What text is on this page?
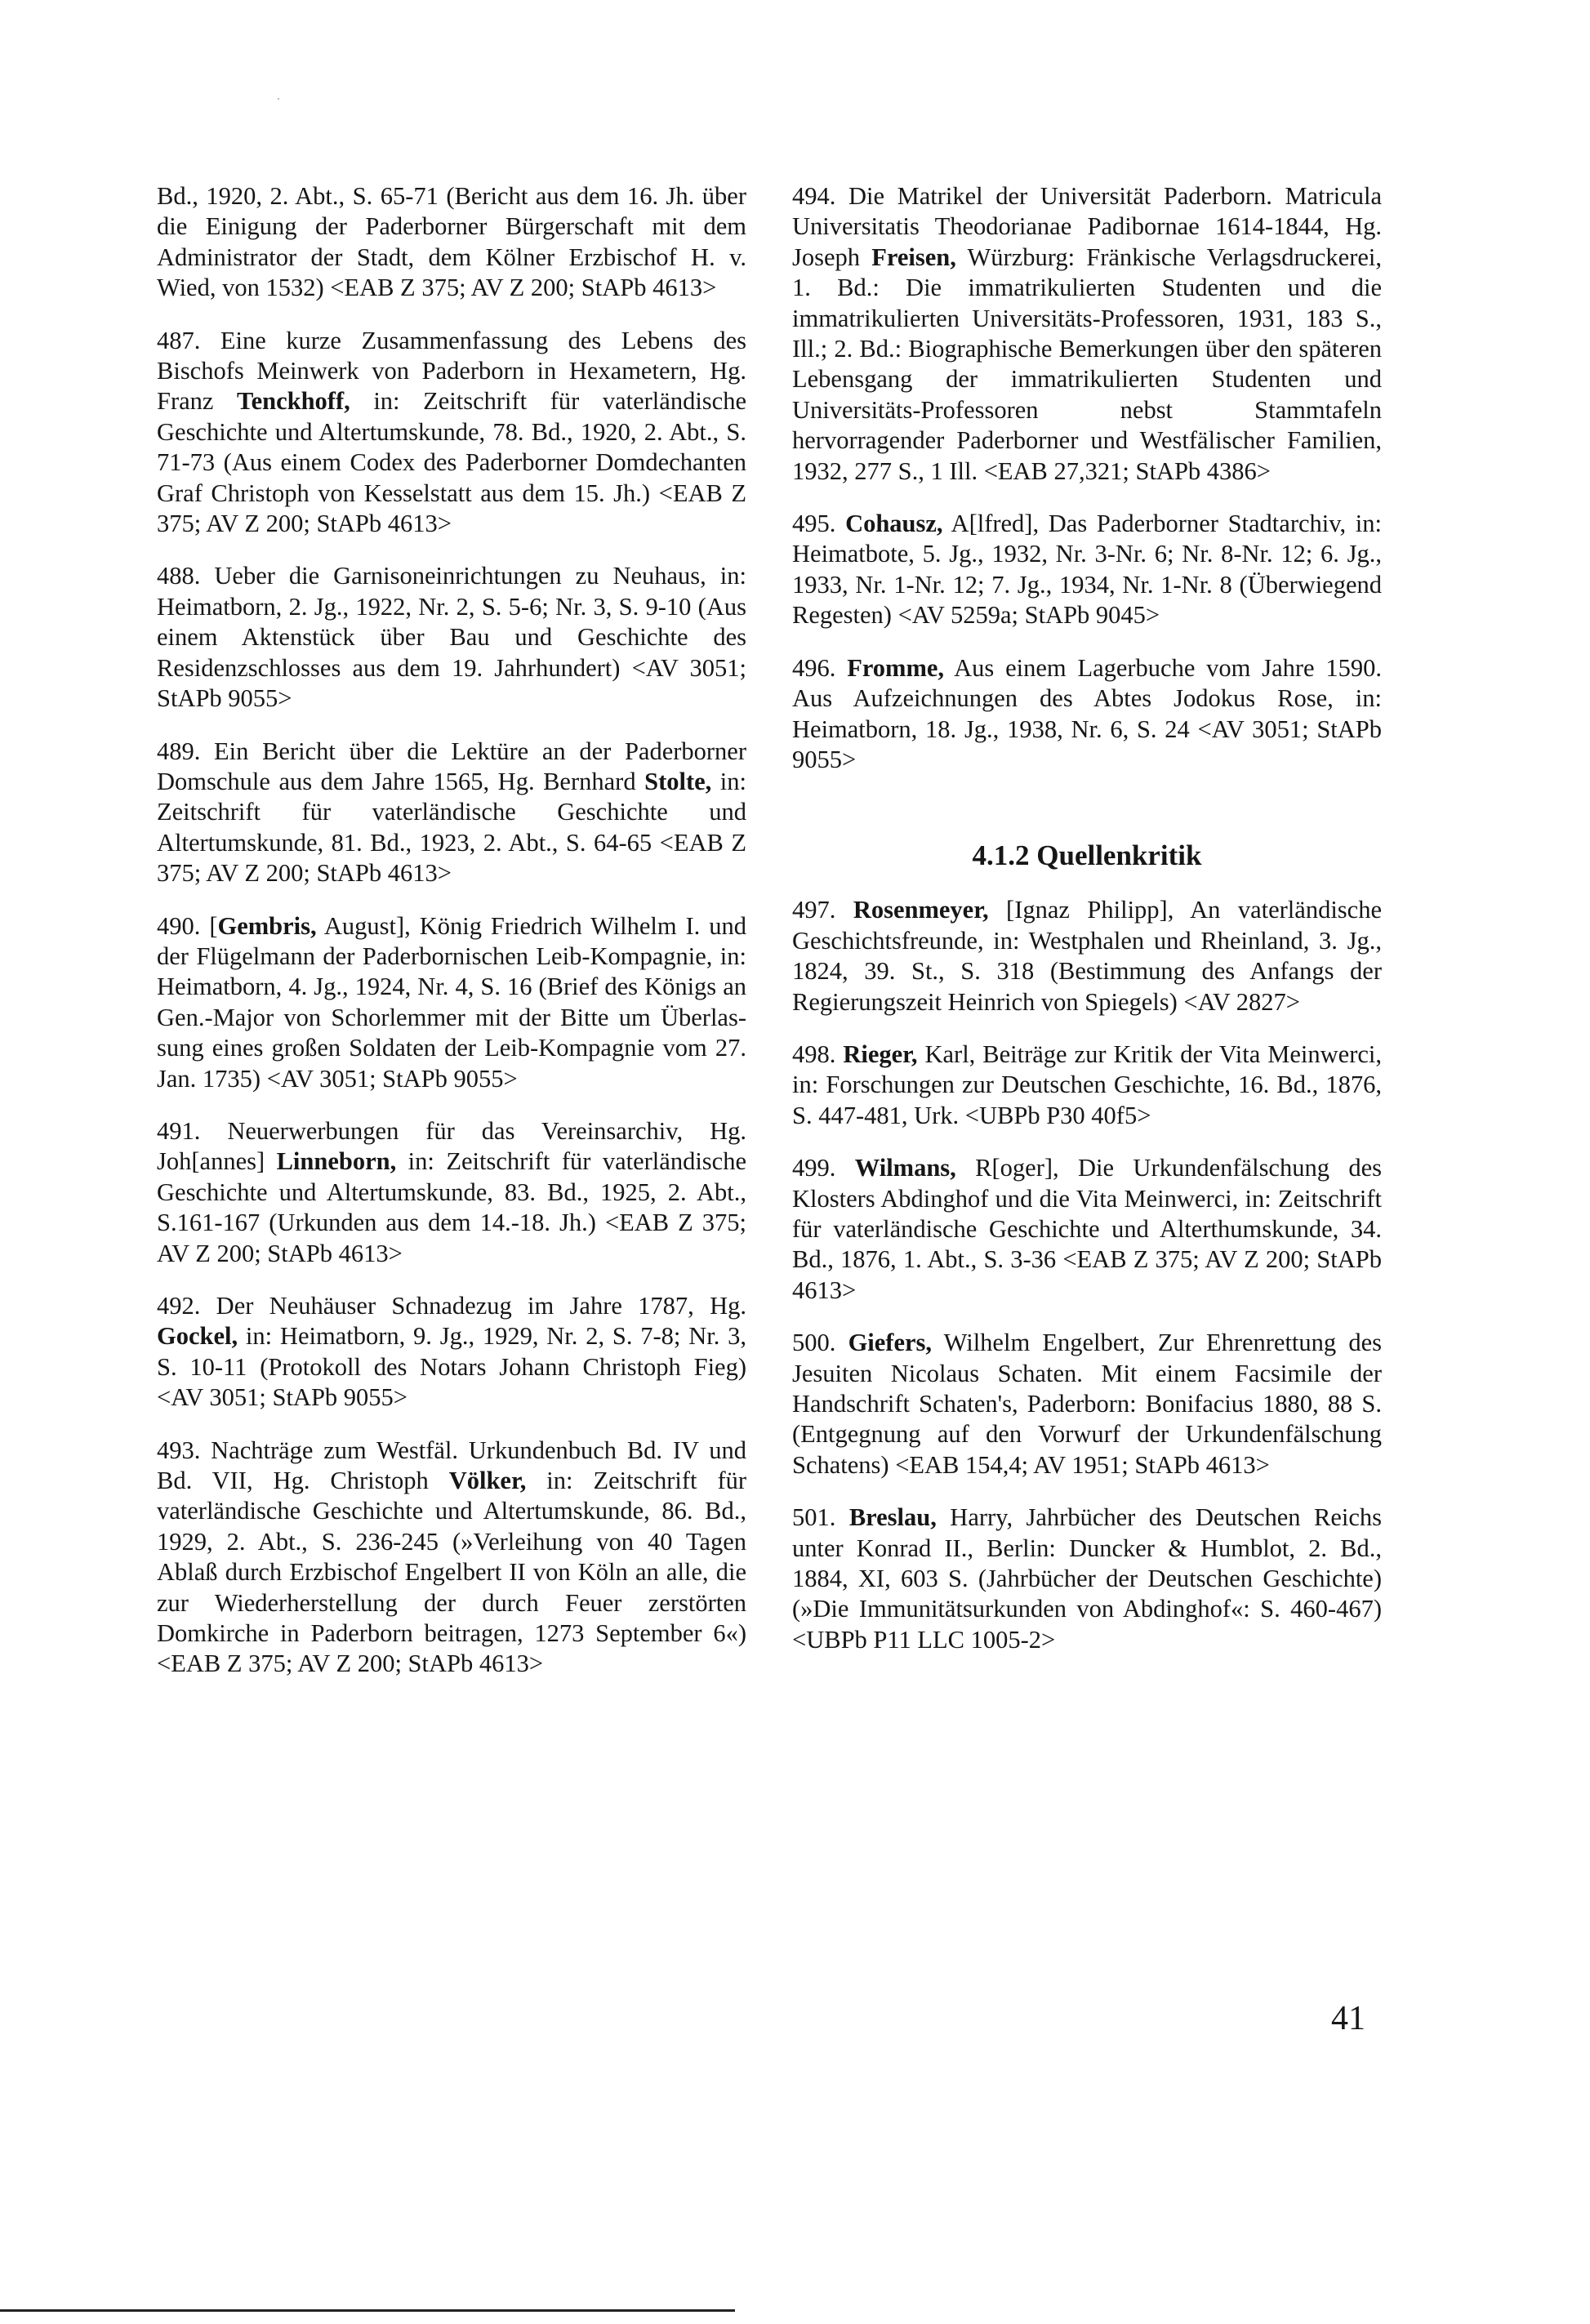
Bd., 1920, 2. Abt., S. 65-71 (Bericht aus dem 16. Jh. über die Einigung der Paderborner Bürgerschaft mit dem Administrator der Stadt, dem Kölner Erzbischof H. v. Wied, von 1532) <EAB Z 375; AV Z 200; StAPb 4613>

487. Eine kurze Zusammenfassung des Lebens des Bischofs Meinwerk von Paderborn in Hexametern, Hg. Franz Tenckhoff, in: Zeitschrift für vaterländische Geschichte und Altertumskunde, 78. Bd., 1920, 2. Abt., S. 71-73 (Aus einem Codex des Paderborner Domdechanten Graf Christoph von Kesselstatt aus dem 15. Jh.) <EAB Z 375; AV Z 200; StAPb 4613>

488. Ueber die Garnisoneinrichtungen zu Neuhaus, in: Heimatborn, 2. Jg., 1922, Nr. 2, S. 5-6; Nr. 3, S. 9-10 (Aus einem Aktenstück über Bau und Geschichte des Residenzschlosses aus dem 19. Jahrhundert) <AV 3051; StAPb 9055>

489. Ein Bericht über die Lektüre an der Paderborner Domschule aus dem Jahre 1565, Hg. Bernhard Stolte, in: Zeitschrift für vaterländische Geschichte und Altertumskunde, 81. Bd., 1923, 2. Abt., S. 64-65 <EAB Z 375; AV Z 200; StAPb 4613>

490. [Gembris, August], König Friedrich Wilhelm I. und der Flügelmann der Paderbornischen Leib-Kompagnie, in: Heimatborn, 4. Jg., 1924, Nr. 4, S. 16 (Brief des Königs an Gen.-Major von Schorlemmer mit der Bitte um Überlassung eines großen Soldaten der Leib-Kompagnie vom 27. Jan. 1735) <AV 3051; StAPb 9055>

491. Neuerwerbungen für das Vereinsarchiv, Hg. Joh[annes] Linneborn, in: Zeitschrift für vaterländische Geschichte und Altertumskunde, 83. Bd., 1925, 2. Abt., S.161-167 (Urkunden aus dem 14.-18. Jh.) <EAB Z 375; AV Z 200; StAPb 4613>

492. Der Neuhäuser Schnadezug im Jahre 1787, Hg. Gockel, in: Heimatborn, 9. Jg., 1929, Nr. 2, S. 7-8; Nr. 3, S. 10-11 (Protokoll des Notars Johann Christoph Fieg) <AV 3051; StAPb 9055>

493. Nachträge zum Westfäl. Urkundenbuch Bd. IV und Bd. VII, Hg. Christoph Völker, in: Zeitschrift für vaterländische Geschichte und Altertumskunde, 86. Bd., 1929, 2. Abt., S. 236-245 (»Verleihung von 40 Tagen Ablaß durch Erzbischof Engelbert II von Köln an alle, die zur Wiederherstellung der durch Feuer zerstörten Domkirche in Paderborn beitragen, 1273 September 6«) <EAB Z 375; AV Z 200; StAPb 4613>

494. Die Matrikel der Universität Paderborn. Matricula Universitatis Theodorianae Padibornae 1614-1844, Hg. Joseph Freisen, Würzburg: Fränkische Verlagsdruckerei, 1. Bd.: Die immatrikulierten Studenten und die immatrikulierten Universitäts-Professoren, 1931, 183 S., Ill.; 2. Bd.: Biographische Bemerkungen über den späteren Lebensgang der immatrikulierten Studenten und Universitäts-Professoren nebst Stammtafeln hervorragender Paderborner und Westfälischer Familien, 1932, 277 S., 1 Ill. <EAB 27,321; StAPb 4386>

495. Cohausz, A[lfred], Das Paderborner Stadtarchiv, in: Heimatbote, 5. Jg., 1932, Nr. 3-Nr. 6; Nr. 8-Nr. 12; 6. Jg., 1933, Nr. 1-Nr. 12; 7. Jg., 1934, Nr. 1-Nr. 8 (Überwiegend Regesten) <AV 5259a; StAPb 9045>

496. Fromme, Aus einem Lagerbuche vom Jahre 1590. Aus Aufzeichnungen des Abtes Jodokus Rose, in: Heimatborn, 18. Jg., 1938, Nr. 6, S. 24 <AV 3051; StAPb 9055>

4.1.2 Quellenkritik

497. Rosenmeyer, [Ignaz Philipp], An vaterländische Geschichtsfreunde, in: Westphalen und Rheinland, 3. Jg., 1824, 39. St., S. 318 (Bestimmung des Anfangs der Regierungszeit Heinrich von Spiegels) <AV 2827>

498. Rieger, Karl, Beiträge zur Kritik der Vita Meinwerci, in: Forschungen zur Deutschen Geschichte, 16. Bd., 1876, S. 447-481, Urk. <UBPb P30 40f5>

499. Wilmans, R[oger], Die Urkundenfälschung des Klosters Abdinghof und die Vita Meinwerci, in: Zeitschrift für vaterländische Geschichte und Alterthumskunde, 34. Bd., 1876, 1. Abt., S. 3-36 <EAB Z 375; AV Z 200; StAPb 4613>

500. Giefers, Wilhelm Engelbert, Zur Ehrenrettung des Jesuiten Nicolaus Schaten. Mit einem Facsimile der Handschrift Schaten's, Paderborn: Bonifacius 1880, 88 S. (Entgegnung auf den Vorwurf der Urkundenfälschung Schatens) <EAB 154,4; AV 1951; StAPb 4613>

501. Breslau, Harry, Jahrbücher des Deutschen Reichs unter Konrad II., Berlin: Duncker & Humblot, 2. Bd., 1884, XI, 603 S. (Jahrbücher der Deutschen Geschichte) (»Die Immunitätsurkunden von Abdinghof«: S. 460-467) <UBPb P11 LLC 1005-2>

41
